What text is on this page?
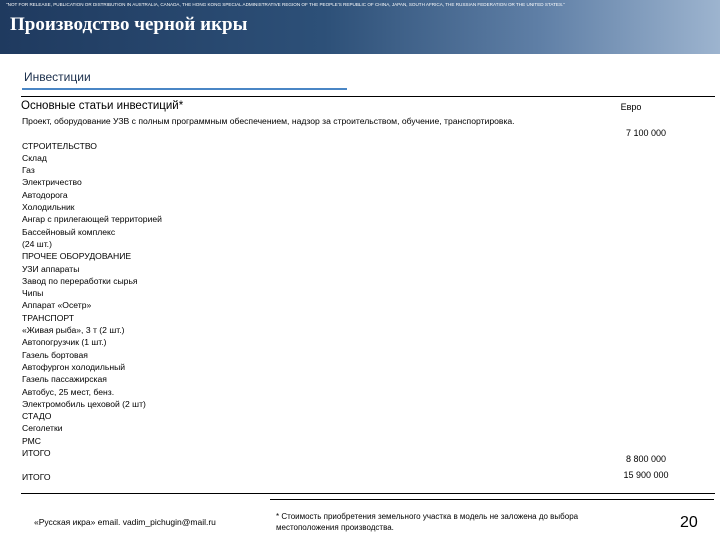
"NOT FOR RELEASE, PUBLICATION OR DISTRIBUTION IN AUSTRALIA, CANADA, THE HONG KONG SPECIAL ADMINISTRATIVE REGION OF THE PEOPLE'S REPUBLIC OF CHINA, JAPAN, SOUTH AFRICA, THE RUSSIAN FEDERATION OR THE UNITED STATES."
Производство черной икры
Инвестиции
Основные статьи инвестиций*	Евро
Проект, оборудование УЗВ с полным программным обеспечением, надзор за строительством, обучение, транспортировка.
СТРОИТЕЛЬСТВО
Склад
Газ
Электричество
Автодорога
Холодильник
Ангар с прилегающей территорией
Бассейновый комплекс
(24 шт.)
ПРОЧЕЕ ОБОРУДОВАНИЕ
УЗИ аппараты
Завод по переработки сырья
Чипы
Аппарат «Осетр»
ТРАНСПОРТ
«Живая рыба», 3 т (2 шт.)
Автопогрузчик (1 шт.)
Газель бортовая
Автофургон холодильный
Газель пассажирская
Автобус, 25 мест, бенз.
Электромобиль цеховой (2 шт)
СТАДО
Сеголетки
РМС
ИТОГО
ИТОГО
7 100 000
8 800 000
15 900 000
«Русская икра» email. vadim_pichugin@mail.ru
* Стоимость приобретения земельного участка в модель не заложена до выбора местоположения производства.	20
